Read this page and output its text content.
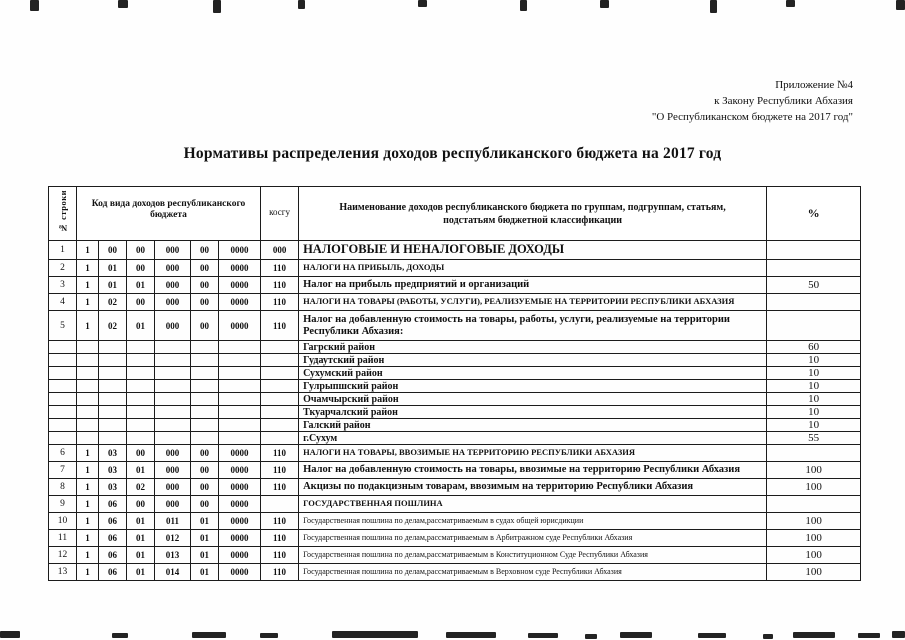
Приложение №4
к Закону Республики Абхазия
"О Республиканском бюджете на 2017 год"
Нормативы распределения доходов республиканского бюджета на 2017 год
№ строки	Код вида доходов республиканского бюджета						косгу	Наименование доходов республиканского бюджета по группам, подгруппам, статьям, подстатьям бюджетной классификации	%
1	1	00	00	000	00	0000	000	НАЛОГОВЫЕ И НЕНАЛОГОВЫЕ ДОХОДЫ	
2	1	01	00	000	00	0000	110	НАЛОГИ НА ПРИБЫЛЬ, ДОХОДЫ	
3	1	01	01	000	00	0000	110	Налог на прибыль предприятий и организаций	50
4	1	02	00	000	00	0000	110	НАЛОГИ НА ТОВАРЫ (РАБОТЫ, УСЛУГИ), РЕАЛИЗУЕМЫЕ НА ТЕРРИТОРИИ РЕСПУБЛИКИ АБХАЗИЯ	
5	1	02	01	000	00	0000	110	Налог на добавленную стоимость на товары, работы, услуги, реализуемые на территории Республики Абхазия:	
								Гагрский район	60
								Гудаутский район	10
								Сухумский район	10
								Гулрыпшский район	10
								Очамчырский район	10
								Ткуарчалский район	10
								Галский район	10
								г.Сухум	55
6	1	03	00	000	00	0000	110	НАЛОГИ НА ТОВАРЫ, ВВОЗИМЫЕ НА ТЕРРИТОРИЮ РЕСПУБЛИКИ АБХАЗИЯ	
7	1	03	01	000	00	0000	110	Налог на добавленную стоимость на товары, ввозимые на территорию Республики Абхазия	100
8	1	03	02	000	00	0000	110	Акцизы по подакцизным товарам, ввозимым на территорию Республики Абхазия	100
9	1	06	00	000	00	0000		ГОСУДАРСТВЕННАЯ ПОШЛИНА	
10	1	06	01	011	01	0000	110	Государственная пошлина по делам,рассматриваемым в судах общей юрисдикции	100
11	1	06	01	012	01	0000	110	Государственная пошлина по делам,рассматриваемым в Арбитражном суде Республики Абхазия	100
12	1	06	01	013	01	0000	110	Государственная пошлина по делам,рассматриваемым в Конституционном Суде Республики Абхазия	100
13	1	06	01	014	01	0000	110	Государственная пошлина по делам,рассматриваемым в Верховном суде Республики Абхазия	100
